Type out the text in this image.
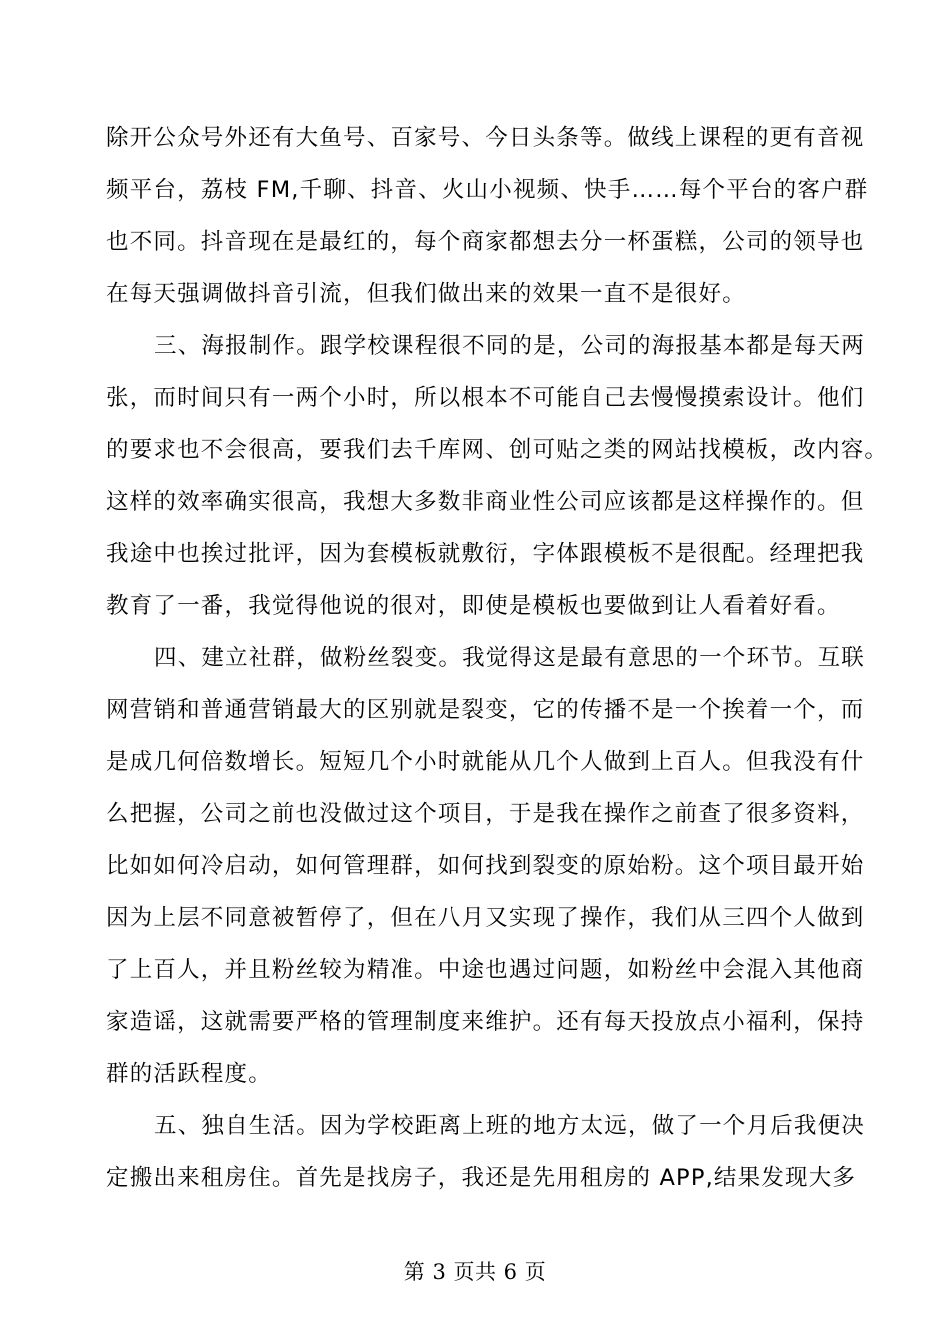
除开公众号外还有大鱼号、百家号、今日头条等。做线上课程的更有音视
频平台，荔枝 FM,千聊、抖音、火山小视频、快手……每个平台的客户群
也不同。抖音现在是最红的，每个商家都想去分一杯蛋糕，公司的领导也
在每天强调做抖音引流，但我们做出来的效果一直不是很好。
三、海报制作。跟学校课程很不同的是，公司的海报基本都是每天两
张，而时间只有一两个小时，所以根本不可能自己去慢慢摸索设计。他们
的要求也不会很高，要我们去千库网、创可贴之类的网站找模板，改内容。
这样的效率确实很高，我想大多数非商业性公司应该都是这样操作的。但
我途中也挨过批评，因为套模板就敷衍，字体跟模板不是很配。经理把我
教育了一番，我觉得他说的很对，即使是模板也要做到让人看着好看。
四、建立社群，做粉丝裂变。我觉得这是最有意思的一个环节。互联
网营销和普通营销最大的区别就是裂变，它的传播不是一个挨着一个，而
是成几何倍数增长。短短几个小时就能从几个人做到上百人。但我没有什
么把握，公司之前也没做过这个项目，于是我在操作之前查了很多资料，
比如如何冷启动，如何管理群，如何找到裂变的原始粉。这个项目最开始
因为上层不同意被暂停了，但在八月又实现了操作，我们从三四个人做到
了上百人，并且粉丝较为精准。中途也遇过问题，如粉丝中会混入其他商
家造谣，这就需要严格的管理制度来维护。还有每天投放点小福利，保持
群的活跃程度。
五、独自生活。因为学校距离上班的地方太远，做了一个月后我便决
定搬出来租房住。首先是找房子，我还是先用租房的 APP,结果发现大多
第 3 页共 6 页
